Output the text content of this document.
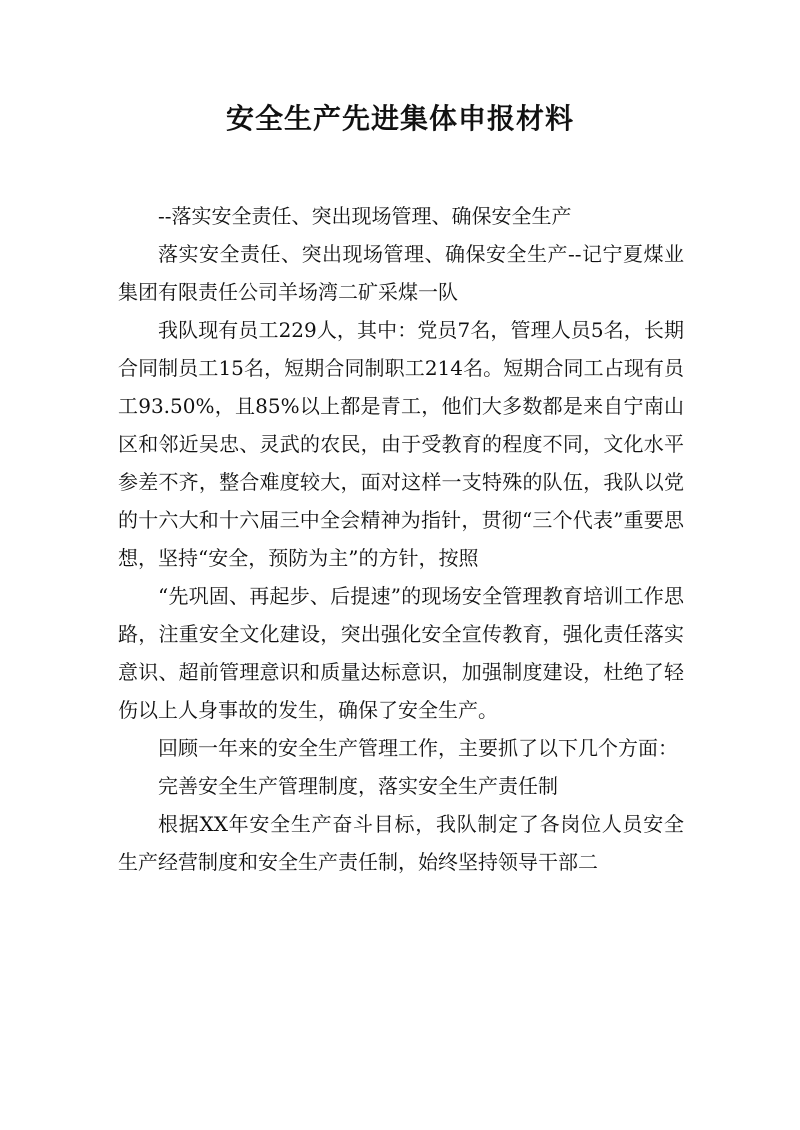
安全生产先进集体申报材料

--落实安全责任、突出现场管理、确保安全生产

落实安全责任、突出现场管理、确保安全生产--记宁夏煤业集团有限责任公司羊场湾二矿采煤一队

我队现有员工229人，其中：党员7名，管理人员5名，长期合同制员工15名，短期合同制职工214名。短期合同工占现有员工93.50%，且85%以上都是青工，他们大多数都是来自宁南山区和邻近吴忠、灵武的农民，由于受教育的程度不同，文化水平参差不齐，整合难度较大，面对这样一支特殊的队伍，我队以党的十六大和十六届三中全会精神为指针，贯彻“三个代表”重要思想，坚持“安全，预防为主”的方针，按照

“先巩固、再起步、后提速”的现场安全管理教育培训工作思路，注重安全文化建设，突出强化安全宣传教育，强化责任落实意识、超前管理意识和质量达标意识，加强制度建设，杜绝了轻伤以上人身事故的发生，确保了安全生产。

回顾一年来的安全生产管理工作，主要抓了以下几个方面：

完善安全生产管理制度，落实安全生产责任制

根据XX年安全生产奋斗目标，我队制定了各岗位人员安全生产经营制度和安全生产责任制，始终坚持领导干部二
